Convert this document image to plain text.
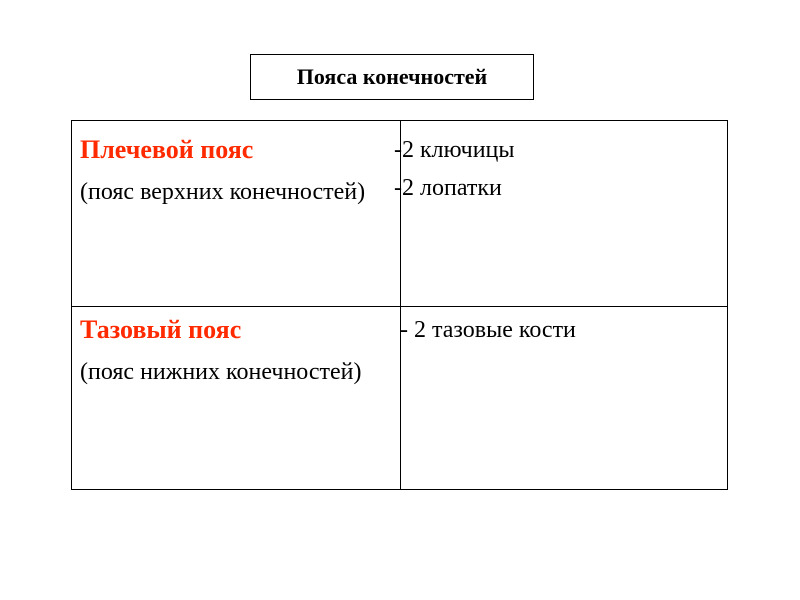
Пояса конечностей

Плечевой пояс

(пояс верхних конечностей)

-2 ключицы

-2 лопатки

Тазовый пояс

(пояс нижних конечностей)

- 2 тазовые кости
